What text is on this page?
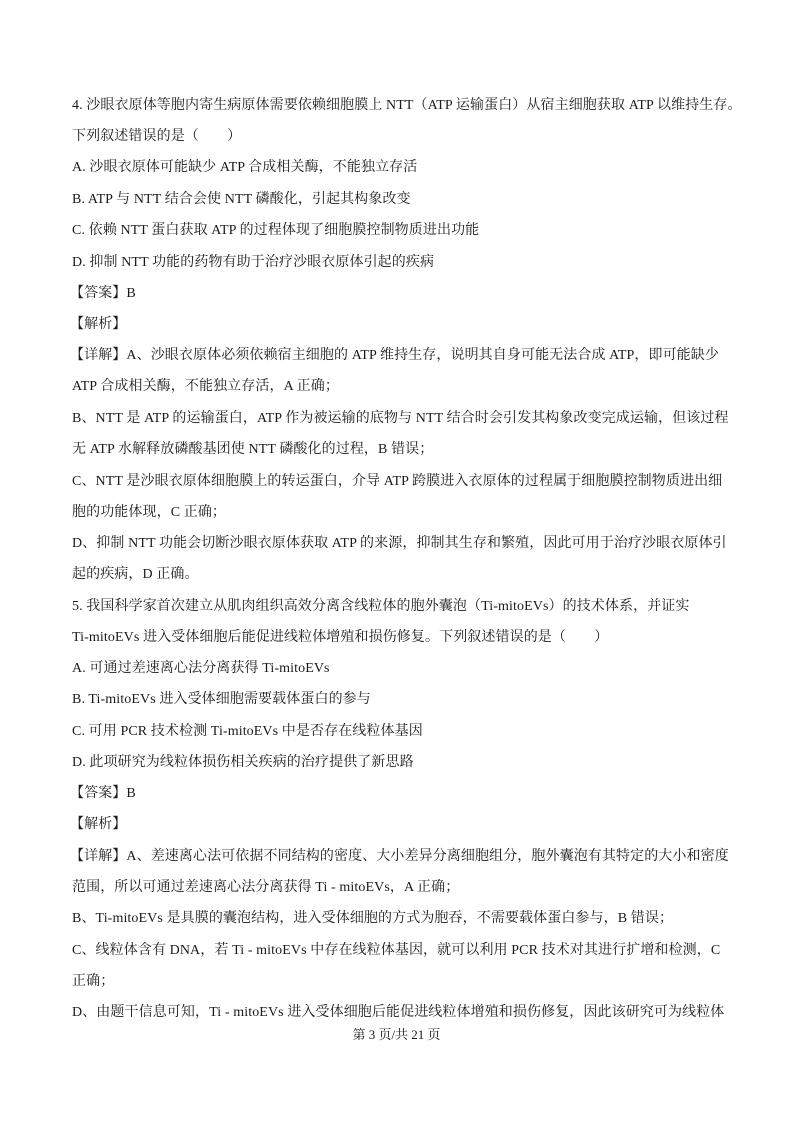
4. 沙眼衣原体等胞内寄生病原体需要依赖细胞膜上 NTT（ATP 运输蛋白）从宿主细胞获取 ATP 以维持生存。
下列叙述错误的是（　　）
A. 沙眼衣原体可能缺少 ATP 合成相关酶，不能独立存活
B. ATP 与 NTT 结合会使 NTT 磷酸化，引起其构象改变
C. 依赖 NTT 蛋白获取 ATP 的过程体现了细胞膜控制物质进出功能
D. 抑制 NTT 功能的药物有助于治疗沙眼衣原体引起的疾病
【答案】B
【解析】
【详解】A、沙眼衣原体必须依赖宿主细胞的 ATP 维持生存，说明其自身可能无法合成 ATP，即可能缺少
ATP 合成相关酶，不能独立存活，A 正确；
B、NTT 是 ATP 的运输蛋白，ATP 作为被运输的底物与 NTT 结合时会引发其构象改变完成运输，但该过程
无 ATP 水解释放磷酸基团使 NTT 磷酸化的过程，B 错误；
C、NTT 是沙眼衣原体细胞膜上的转运蛋白，介导 ATP 跨膜进入衣原体的过程属于细胞膜控制物质进出细
胞的功能体现，C 正确；
D、抑制 NTT 功能会切断沙眼衣原体获取 ATP 的来源，抑制其生存和繁殖，因此可用于治疗沙眼衣原体引
起的疾病，D 正确。
5. 我国科学家首次建立从肌肉组织高效分离含线粒体的胞外囊泡（Ti-mitoEVs）的技术体系，并证实
Ti-mitoEVs 进入受体细胞后能促进线粒体增殖和损伤修复。下列叙述错误的是（　　）
A. 可通过差速离心法分离获得 Ti-mitoEVs
B. Ti-mitoEVs 进入受体细胞需要载体蛋白的参与
C. 可用 PCR 技术检测 Ti-mitoEVs 中是否存在线粒体基因
D. 此项研究为线粒体损伤相关疾病的治疗提供了新思路
【答案】B
【解析】
【详解】A、差速离心法可依据不同结构的密度、大小差异分离细胞组分，胞外囊泡有其特定的大小和密度
范围，所以可通过差速离心法分离获得 Ti - mitoEVs，A 正确；
B、Ti-mitoEVs 是具膜的囊泡结构，进入受体细胞的方式为胞吞，不需要载体蛋白参与，B 错误；
C、线粒体含有 DNA，若 Ti - mitoEVs 中存在线粒体基因，就可以利用 PCR 技术对其进行扩增和检测，C
正确；
D、由题干信息可知，Ti - mitoEVs 进入受体细胞后能促进线粒体增殖和损伤修复，因此该研究可为线粒体
第 3 页/共 21 页
